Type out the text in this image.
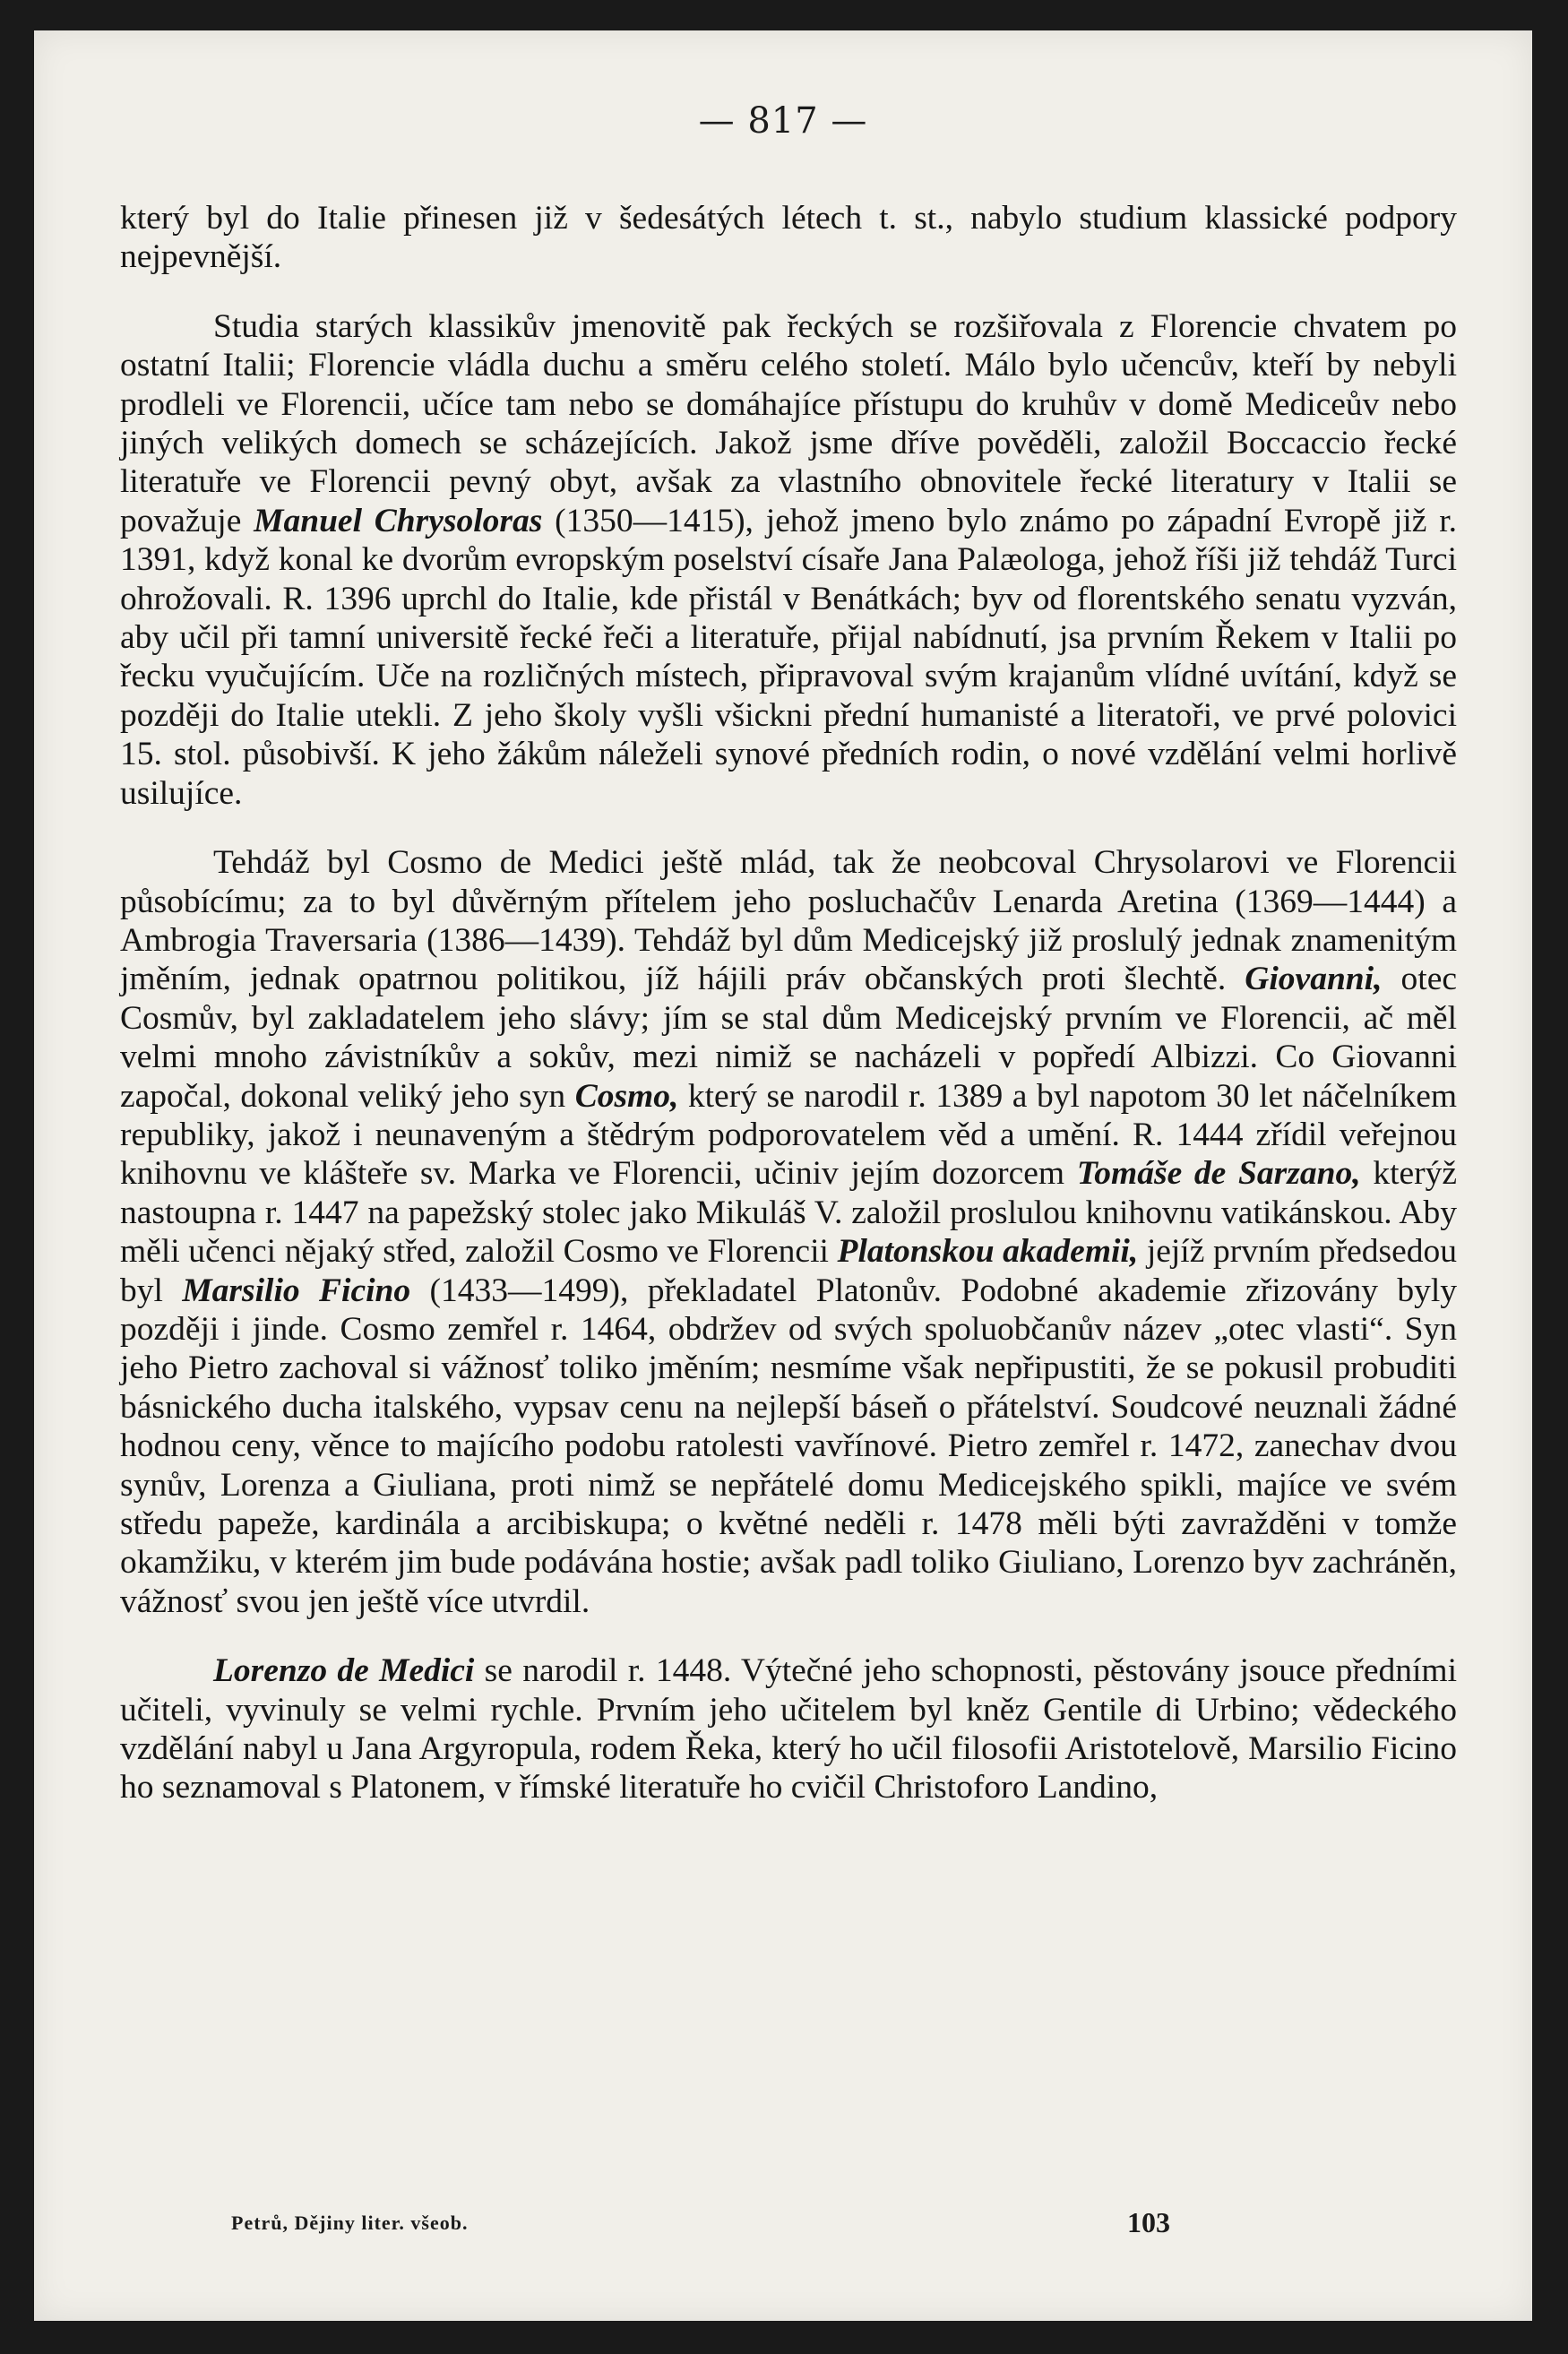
— 817 —

který byl do Italie přinesen již v šedesátých létech t. st., nabylo studium klassické podpory nejpevnější.

Studia starých klassikův jmenovitě pak řeckých se rozšiřovala z Florencie chvatem po ostatní Italii; Florencie vládla duchu a směru celého století. Málo bylo učencův, kteří by nebyli prodleli ve Florencii, učíce tam nebo se domáhajíce přístupu do kruhův v domě Mediceův nebo jiných velikých domech se scházejících. Jakož jsme dříve pověděli, založil Boccaccio řecké literatuře ve Florencii pevný obyt, avšak za vlastního obnovitele řecké literatury v Italii se považuje Manuel Chrysoloras (1350—1415), jehož jmeno bylo známo po západní Evropě již r. 1391, když konal ke dvorům evropským poselství císaře Jana Palæologa, jehož říši již tehdáž Turci ohrožovali. R. 1396 uprchl do Italie, kde přistál v Benátkách; byv od florentského senatu vyzván, aby učil při tamní universitě řecké řeči a literatuře, přijal nabídnutí, jsa prvním Řekem v Italii po řecku vyučujícím. Uče na rozličných místech, připravoval svým krajanům vlídné uvítání, když se později do Italie utekli. Z jeho školy vyšli všickni přední humanisté a literatoři, ve prvé polovici 15. stol. působivší. K jeho žákům náleželi synové předních rodin, o nové vzdělání velmi horlivě usilujíce.

Tehdáž byl Cosmo de Medici ještě mlád, tak že neobcoval Chrysolarovi ve Florencii působícímu; za to byl důvěrným přítelem jeho posluchačův Lenarda Aretina (1369—1444) a Ambrogia Traversaria (1386—1439). Tehdáž byl dům Medicejský již proslulý jednak znamenitým jměním, jednak opatrnou politikou, jíž hájili práv občanských proti šlechtě. Giovanni, otec Cosmův, byl zakladatelem jeho slávy; jím se stal dům Medicejský prvním ve Florencii, ač měl velmi mnoho závistníkův a sokův, mezi nimiž se nacházeli v popředí Albizzi. Co Giovanni započal, dokonal veliký jeho syn Cosmo, který se narodil r. 1389 a byl napotom 30 let náčelníkem republiky, jakož i neunaveným a štědrým podporovatelem věd a umění. R. 1444 zřídil veřejnou knihovnu ve klášteře sv. Marka ve Florencii, učiniv jejím dozorcem Tomáše de Sarzano, kterýž nastoupna r. 1447 na papežský stolec jako Mikuláš V. založil proslulou knihovnu vatikánskou. Aby měli učenci nějaký střed, založil Cosmo ve Florencii Platonskou akademii, jejíž prvním předsedou byl Marsilio Ficino (1433—1499), překladatel Platonův. Podobné akademie zřizovány byly později i jinde. Cosmo zemřel r. 1464, obdržev od svých spoluobčanův název „otec vlasti“. Syn jeho Pietro zachoval si vážnosť toliko jměním; nesmíme však nepřipustiti, že se pokusil probuditi básnického ducha italského, vypsav cenu na nejlepší báseň o přátelství. Soudcové neuznali žádné hodnou ceny, věnce to majícího podobu ratolesti vavřínové. Pietro zemřel r. 1472, zanechav dvou synův, Lorenza a Giuliana, proti nimž se nepřátelé domu Medicejského spikli, majíce ve svém středu papeže, kardinála a arcibiskupa; o květné neděli r. 1478 měli býti zavražděni v tomže okamžiku, v kterém jim bude podávána hostie; avšak padl toliko Giuliano, Lorenzo byv zachráněn, vážnosť svou jen ještě více utvrdil.

Lorenzo de Medici se narodil r. 1448. Výtečné jeho schopnosti, pěstovány jsouce předními učiteli, vyvinuly se velmi rychle. Prvním jeho učitelem byl kněz Gentile di Urbino; vědeckého vzdělání nabyl u Jana Argyropula, rodem Řeka, který ho učil filosofii Aristotelově, Marsilio Ficino ho seznamoval s Platonem, v římské literatuře ho cvičil Christoforo Landino,

Petrů, Dějiny liter. všeob.	103
